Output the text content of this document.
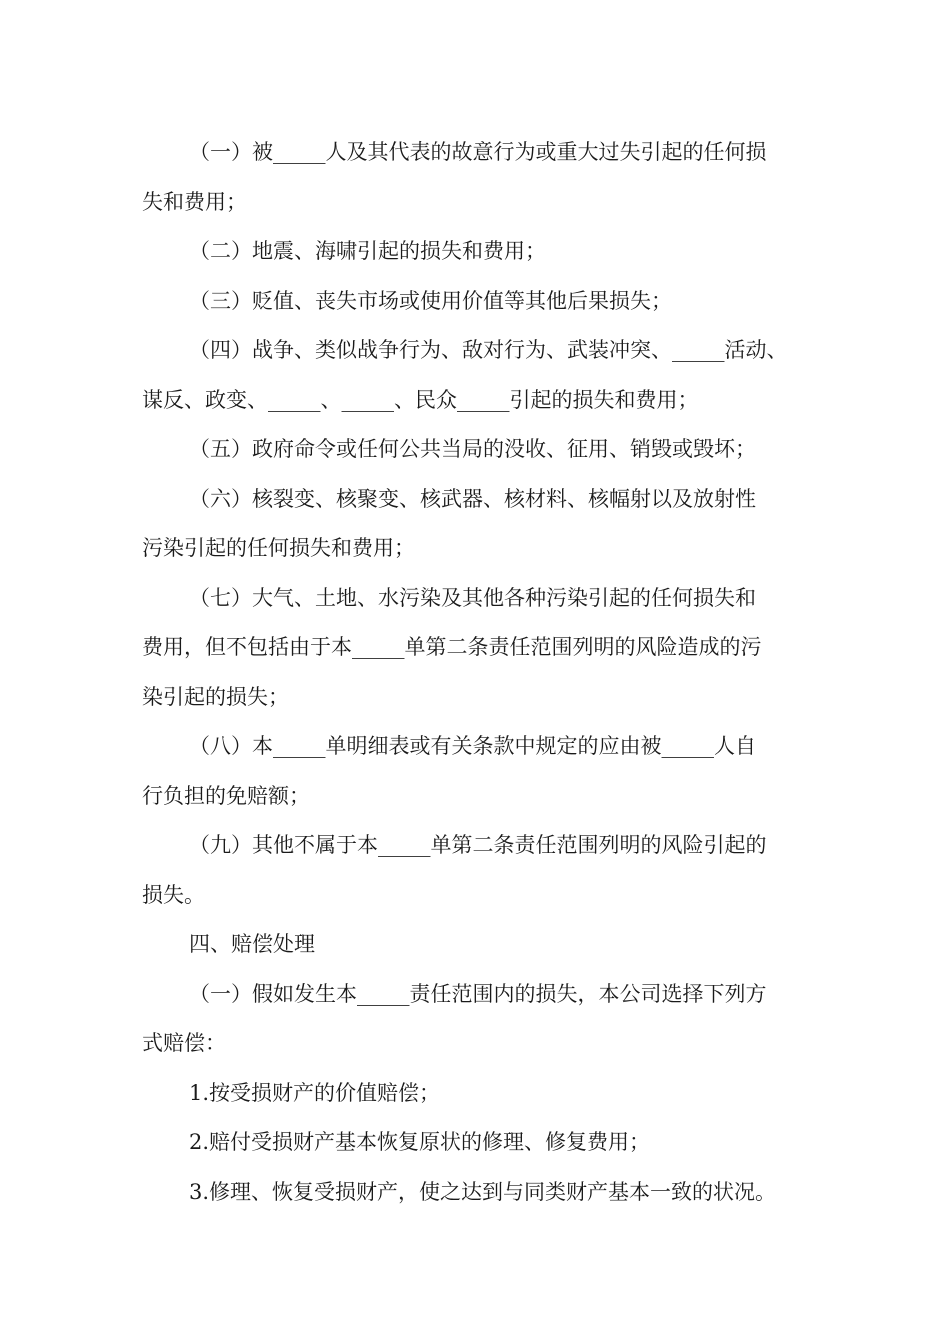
（一）被_____人及其代表的故意行为或重大过失引起的任何损
失和费用；
（二）地震、海啸引起的损失和费用；
（三）贬值、丧失市场或使用价值等其他后果损失；
（四）战争、类似战争行为、敌对行为、武装冲突、_____活动、
谋反、政变、_____、_____、民众_____引起的损失和费用；
（五）政府命令或任何公共当局的没收、征用、销毁或毁坏；
（六）核裂变、核聚变、核武器、核材料、核幅射以及放射性
污染引起的任何损失和费用；
（七）大气、土地、水污染及其他各种污染引起的任何损失和
费用，但不包括由于本_____单第二条责任范围列明的风险造成的污
染引起的损失；
（八）本_____单明细表或有关条款中规定的应由被_____人自
行负担的免赔额；
（九）其他不属于本_____单第二条责任范围列明的风险引起的
损失。
四、赔偿处理
（一）假如发生本_____责任范围内的损失，本公司选择下列方
式赔偿：
1.按受损财产的价值赔偿；
2.赔付受损财产基本恢复原状的修理、修复费用；
3.修理、恢复受损财产，使之达到与同类财产基本一致的状况。
